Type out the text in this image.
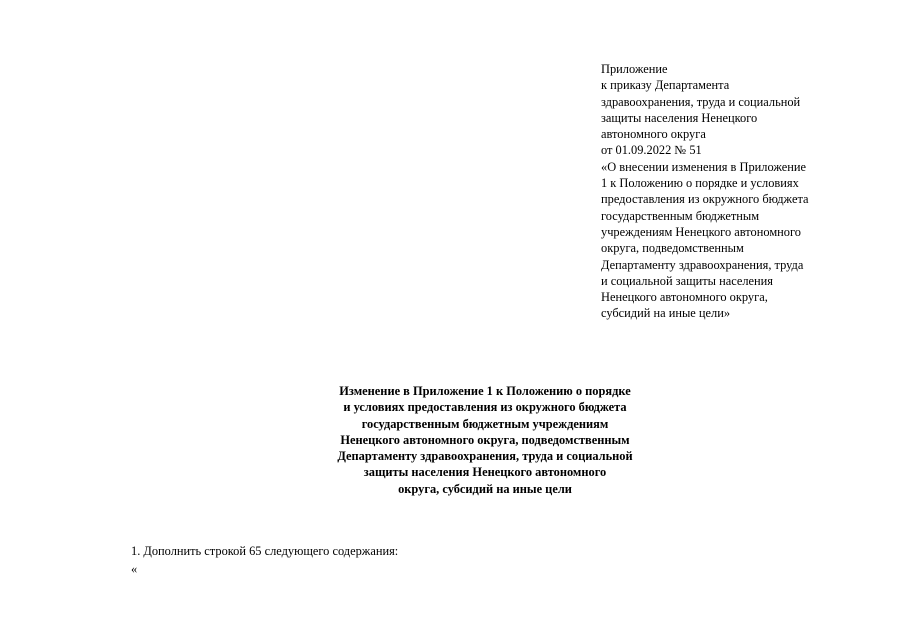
Приложение
к приказу Департамента
здравоохранения, труда и социальной
защиты населения Ненецкого
автономного округа
от 01.09.2022 № 51
«О внесении изменения в Приложение
1 к Положению о порядке и условиях
предоставления из окружного бюджета
государственным бюджетным
учреждениям Ненецкого автономного
округа, подведомственным
Департаменту здравоохранения, труда
и социальной защиты населения
Ненецкого автономного округа,
субсидий на иные цели»
Изменение в Приложение 1 к Положению о порядке
и условиях предоставления из окружного бюджета
государственным бюджетным учреждениям
Ненецкого автономного округа, подведомственным
Департаменту здравоохранения, труда и социальной
защиты населения Ненецкого автономного
округа, субсидий на иные цели
1. Дополнить строкой 65 следующего содержания:
«
